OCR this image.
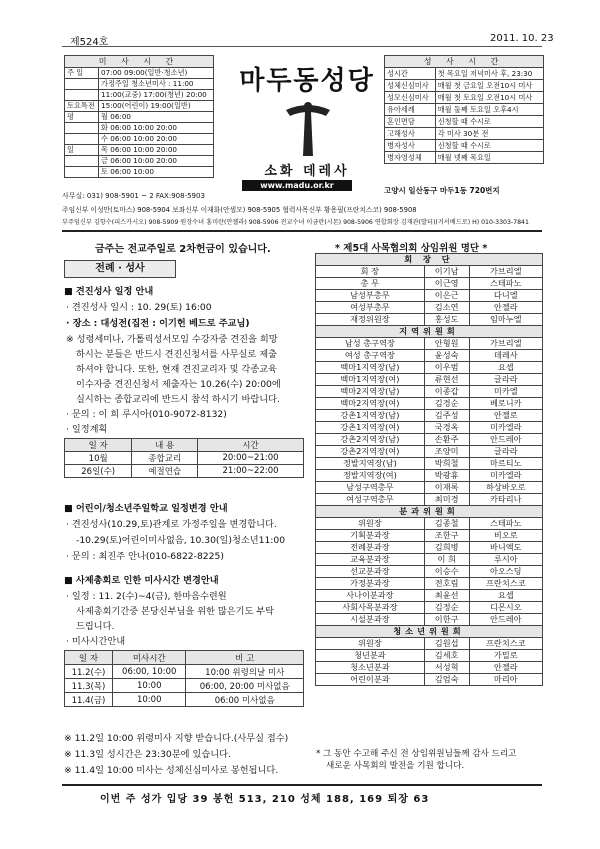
제524호	2011. 10. 23
미 사 시 간	
주 일	07:00 09:00(일반·청소년)
	가정주일 청소년미사 : 11:00
	11:00(교중) 17:00(청년) 20:00
토요특전	15:00(어린이) 19:00(일반)
평	월 06:00
	화 06:00 10:00 20:00
	수 06:00 10:00 20:00
일	목 06:00 10:00 20:00
	금 06:00 10:00 20:00
	토 06:00 10:00
마두동성당
소화 데레사
www.madu.or.kr
성 사 시 간	
성시간	첫 목요일 저녁미사 후, 23:30
성체신심미사	매월 첫 금요일 오전10시 미사
성모신심미사	매월 첫 토요일 오전10시 미사
유아세례	매월 둘째 토요일 오후4시
혼인면담	신청할 때 수시로
고해성사	각 미사 30분 전
병자성사	신청할 때 수시로
병자영성체	매월 넷째 목요일
고양시 일산동구 마두1동 720번지
사무실: 031) 908-5901 ~ 2 FAX:908-5903
주임신부 이성만(토마스) 908-5904 보좌신부 이재화(안셀모) 908-5905 협력사목신부 황용필(프란치스코) 908-5908
부주임신부 김항수(피스카시오) 908-5909 원장수녀 홍미란(안젤라) 908-5906 전교수녀 이금란(시몬) 908-5906 연합회장 김재관(발터)(거서베드로) H) 010-3303-7841
금주는 전교주일로 2차헌금이 있습니다.
전례 · 성사
■ 견진성사 일정 안내
· 견진성사 일시 : 10. 29(토) 16:00
· 장소 : 대성전(집전 : 이기헌 베드로 주교님)
※ 성령세미나, 가톨릭성서모임 수강자중 견진을 희망
하시는 분들은 반드시 견진신청서를 사무실로 제출
하셔야 합니다. 또한, 현재 견진교리자 및 각종교육
이수자중 견진신청서 제출자는 10.26(수) 20:00에
실시하는 종합교리에 반드시 참석 하시기 바랍니다.
· 문의 : 이 희 루시아(010-9072-8132)
· 일정계획
일 자	내 용	시간
10월	종합교리	20:00~21:00
26일(수)	예절연습	21:00~22:00
■ 어린이/청소년주일학교 일정변경 안내
· 견진성사(10.29,토)관계로 가정주일을 변경합니다.
-10.29(토)어린이미사없음, 10.30(일)청소년11:00
· 문의 : 최진주 안나(010-6822-8225)
■ 사제총회로 인한 미사시간 변경안내
· 일정 : 11. 2(수)~4(금), 한마음수련원
사제총회기간중 본당신부님을 위한 많은기도 부탁
드립니다.
· 미사시간안내
일 자	미사시간	비 고
11.2(수)	06:00, 10:00	10:00 위령의날 미사
11.3(목)	10:00	06:00, 20:00 미사없음
11.4(금)	10:00	06:00 미사없음
※ 11.2일 10:00 위령미사 지향 받습니다.(사무실 접수)
※ 11.3일 성시간은 23:30분에 있습니다.
※ 11.4일 10:00 미사는 성체신심미사로 봉헌됩니다.
* 제5대 사목협의회 상임위원 명단 *
회 장 단		
회 장	이기남	가브리엘
총 무	이근영	스테파노
남성부총무	이은근	다니엘
여성부총무	김소연	안젤라
재정위원장	홍성도	임마누엘
지역위원회		
남성 총구역장	안형원	가브리엘
여성 총구역장	윤성숙	데레사
백마1지역장(남)	이우범	요셉
백마1지역장(여)	류현선	글라라
백마2지역장(남)	이종갑	미카엘
백마2지역장(여)	김경순	베로니카
강촌1지역장(남)	김주성	안젤로
강촌1지역장(여)	국경옥	미카엘라
강촌2지역장(남)	손환주	안드레아
강촌2지역장(여)	조양미	글라라
정발지역장(남)	박희철	마르티노
정발지역장(여)	박광휴	미카엘라
남성구역총무	이재록	하상바오로
여성구역총무	최미경	카타리나
분과위원회		
위원장	김종철	스테파노
기획분과장	조한구	비오로
전례분과장	김희병	바니엑도
교육분과장	이 희	루시아
선교분과장	이승수	아오스딩
가정분과장	전호림	프란치스코
사나이분과장	최윤선	요셉
사회사목분과장	김정순	디몬시오
시설분과장	이한구	안드레아
청소년위원회		
위원장	김원섭	프란치스코
청년분과	김세호	가밀로
청소년분과	서성혁	안젤라
어린이분과	김엄숙	마리아
* 그 동안 수고해 주신 전 상임위원님들께 감사 드리고
새로운 사목회의 발전을 기원 합니다.
이번 주 성가 입당 39 봉헌 513, 210 성체 188, 169 퇴장 63
